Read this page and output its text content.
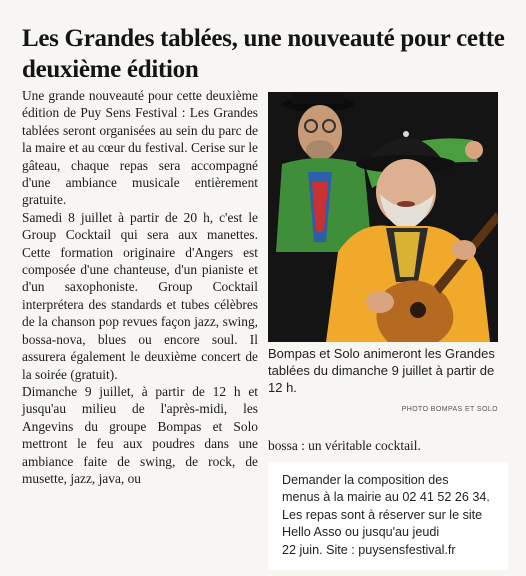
Les Grandes tablées, une nouveauté pour cette deuxième édition

Une grande nouveauté pour cette deuxième édition de Puy Sens Festival : Les Grandes tablées seront organisées au sein du parc de la maire et au cœur du festival. Cerise sur le gâteau, chaque repas sera accompagné d'une ambiance musicale entièrement gratuite.

Samedi 8 juillet à partir de 20 h, c'est le Group Cocktail qui sera aux manettes. Cette formation originaire d'Angers est composée d'une chanteuse, d'un pianiste et d'un saxophoniste. Group Cocktail interprétera des standards et tubes célèbres de la chanson pop revues façon jazz, swing, bossa-nova, blues ou encore soul. Il assurera également le deuxième concert de la soirée (gratuit).

Dimanche 9 juillet, à partir de 12 h et jusqu'au milieu de l'après-midi, les Angevins du groupe Bompas et Solo mettront le feu aux poudres dans une ambiance faite de swing, de rock, de musette, jazz, java, ou

Bompas et Solo animeront les Grandes tablées du dimanche 9 juillet à partir de 12 h.
PHOTO BOMPAS ET SOLO
bossa : un véritable cocktail.
Demander la composition des
menus à la mairie au 02 41 52 26 34.
Les repas sont à réserver sur le site
Hello Asso ou jusqu'au jeudi
22 juin. Site : puysensfestival.fr
